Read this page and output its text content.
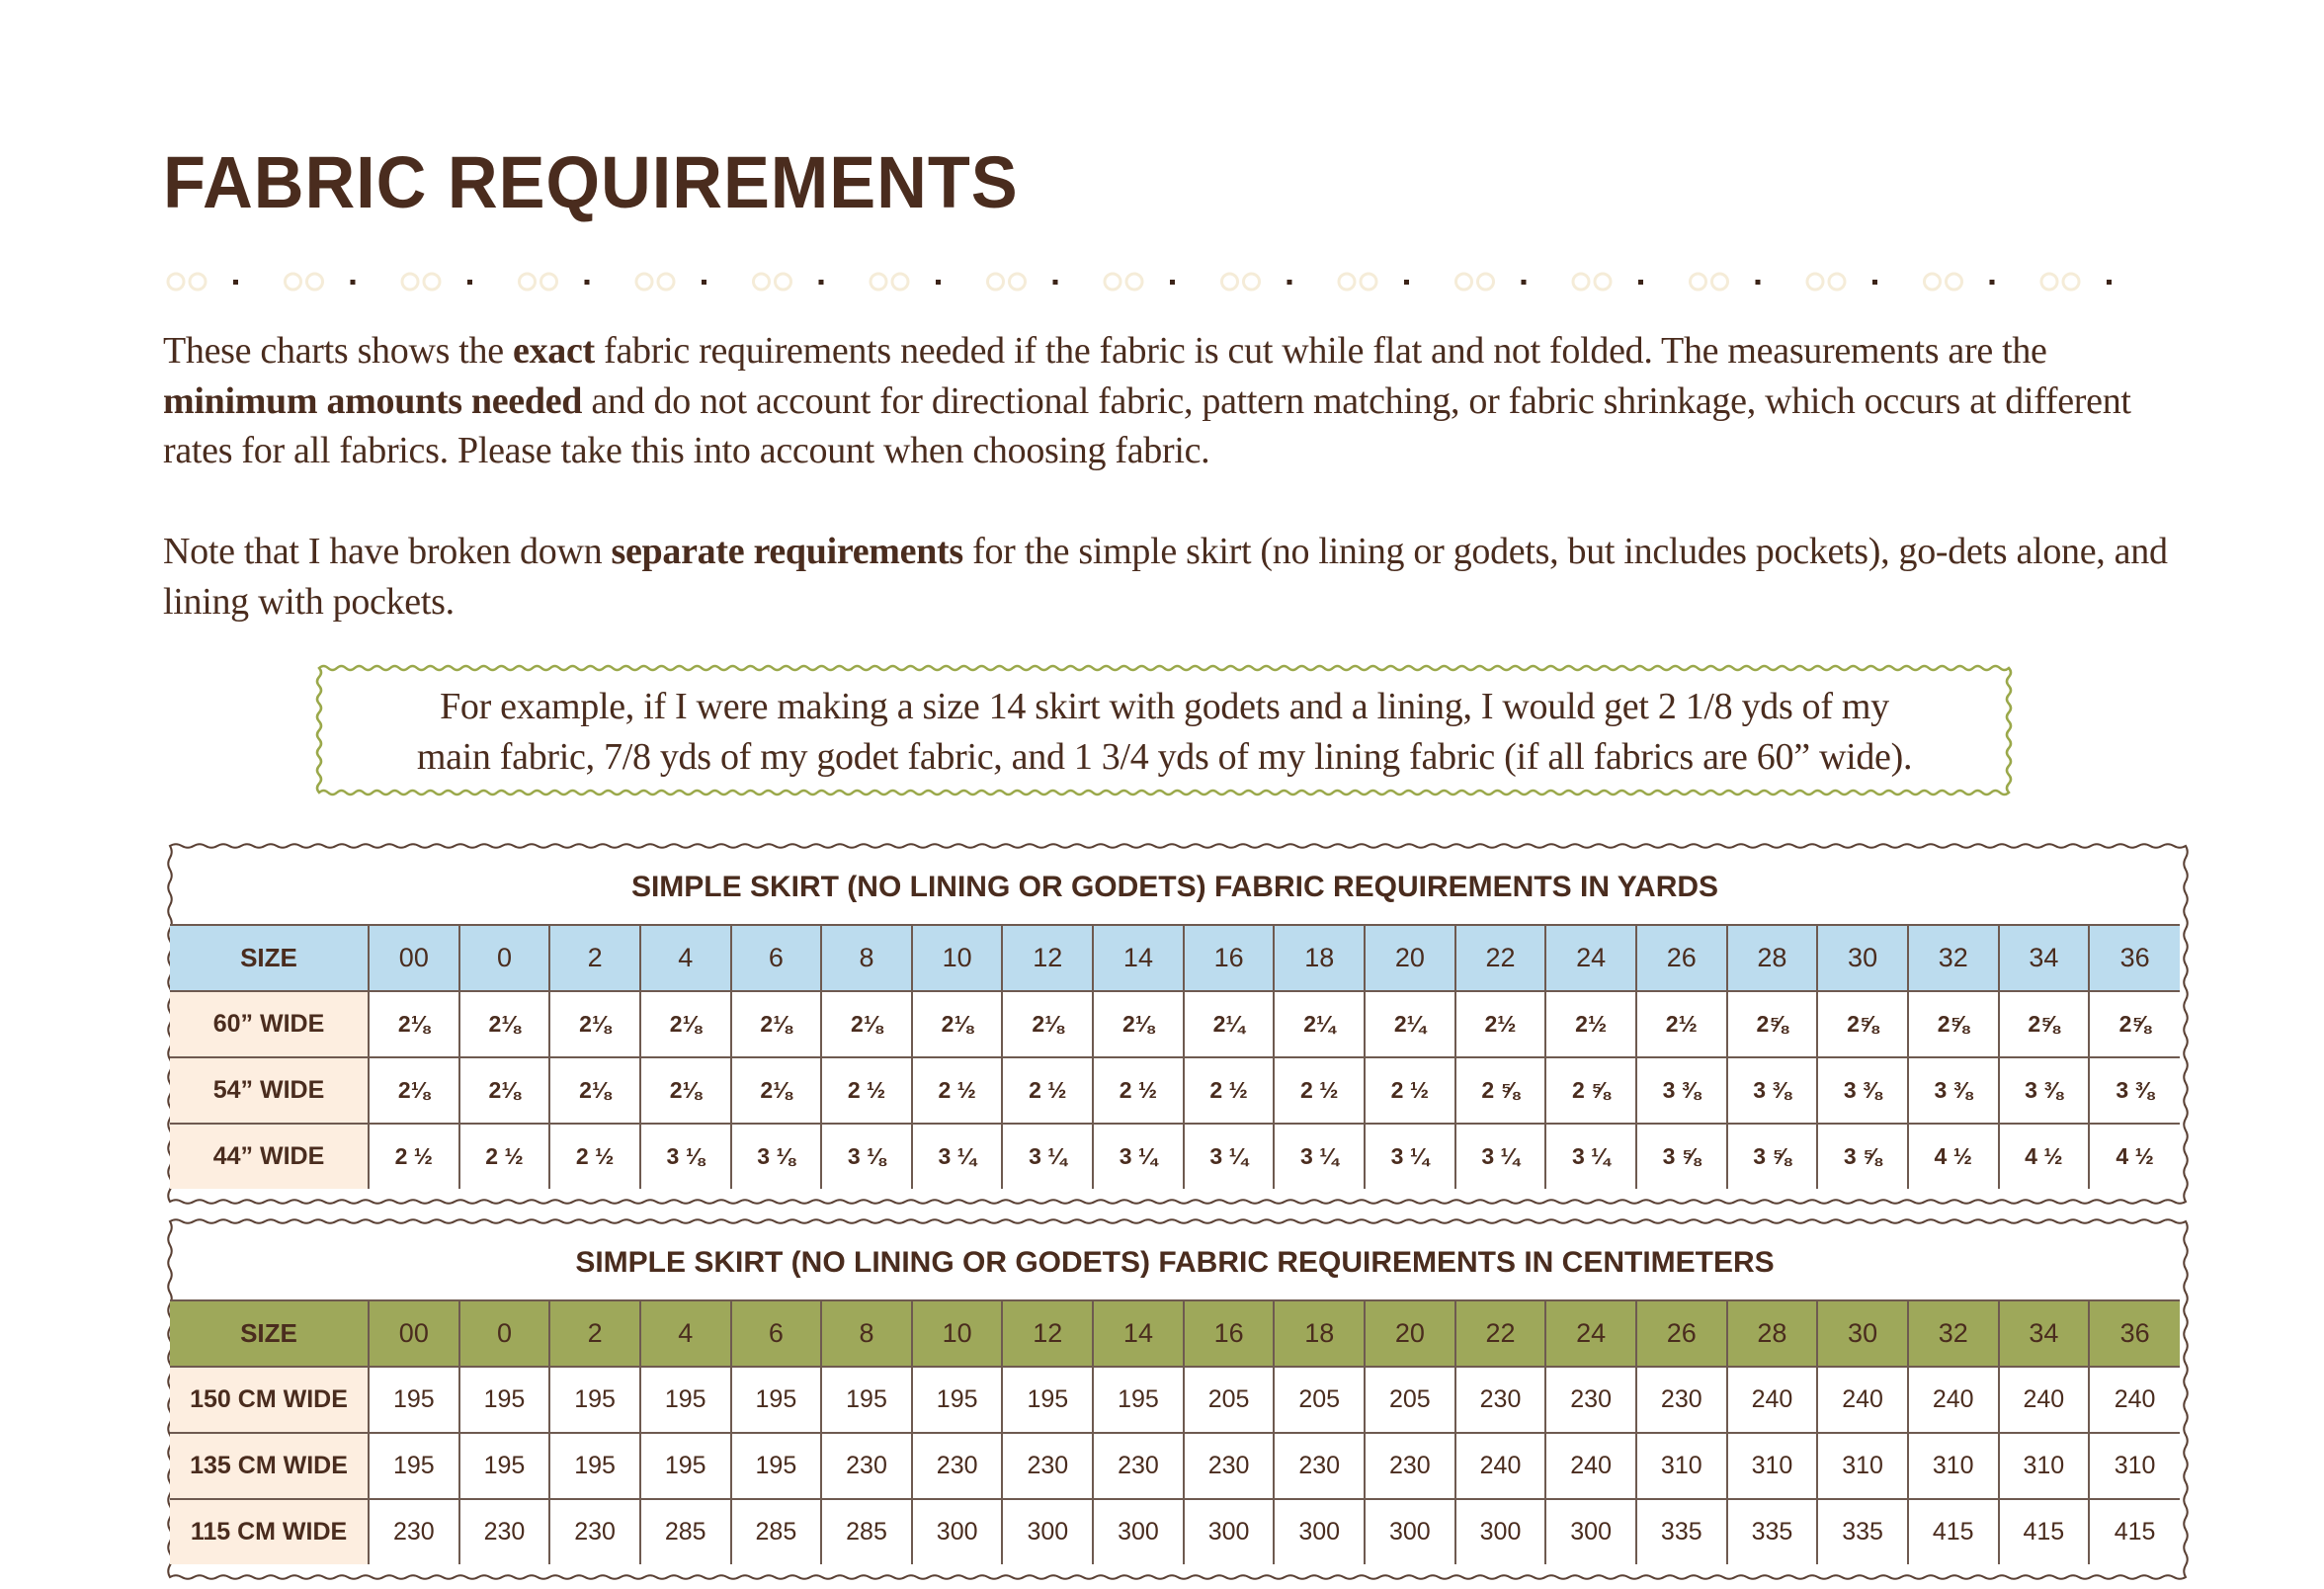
FABRIC REQUIREMENTS

These charts shows the exact fabric requirements needed if the fabric is cut while flat and not folded. The measurements are the minimum amounts needed and do not account for directional fabric, pattern matching, or fabric shrinkage, which occurs at different rates for all fabrics. Please take this into account when choosing fabric.

Note that I have broken down separate requirements for the simple skirt (no lining or godets, but includes pockets), go-dets alone, and lining with pockets.

For example, if I were making a size 14 skirt with godets and a lining, I would get 2 1/8 yds of my
main fabric, 7/8 yds of my godet fabric, and 1 3/4 yds of my lining fabric (if all fabrics are 60” wide).
SIMPLE SKIRT (NO LINING OR GODETS) FABRIC REQUIREMENTS IN YARDS
SIZE	00	0	2	4	6	8	10	12	14	16	18	20	22	24	26	28	30	32	34	36
60” WIDE	2⅛	2⅛	2⅛	2⅛	2⅛	2⅛	2⅛	2⅛	2⅛	2¼	2¼	2¼	2½	2½	2½	2⅝	2⅝	2⅝	2⅝	2⅝
54” WIDE	2⅛	2⅛	2⅛	2⅛	2⅛	2 ½	2 ½	2 ½	2 ½	2 ½	2 ½	2 ½	2 ⅝	2 ⅝	3 ⅜	3 ⅜	3 ⅜	3 ⅜	3 ⅜	3 ⅜
44” WIDE	2 ½	2 ½	2 ½	3 ⅛	3 ⅛	3 ⅛	3 ¼	3 ¼	3 ¼	3 ¼	3 ¼	3 ¼	3 ¼	3 ¼	3 ⅝	3 ⅝	3 ⅝	4 ½	4 ½	4 ½
SIMPLE SKIRT (NO LINING OR GODETS) FABRIC REQUIREMENTS IN CENTIMETERS
SIZE	00	0	2	4	6	8	10	12	14	16	18	20	22	24	26	28	30	32	34	36
150 CM WIDE	195	195	195	195	195	195	195	195	195	205	205	205	230	230	230	240	240	240	240	240
135 CM WIDE	195	195	195	195	195	230	230	230	230	230	230	230	240	240	310	310	310	310	310	310
115 CM WIDE	230	230	230	285	285	285	300	300	300	300	300	300	300	300	335	335	335	415	415	415
